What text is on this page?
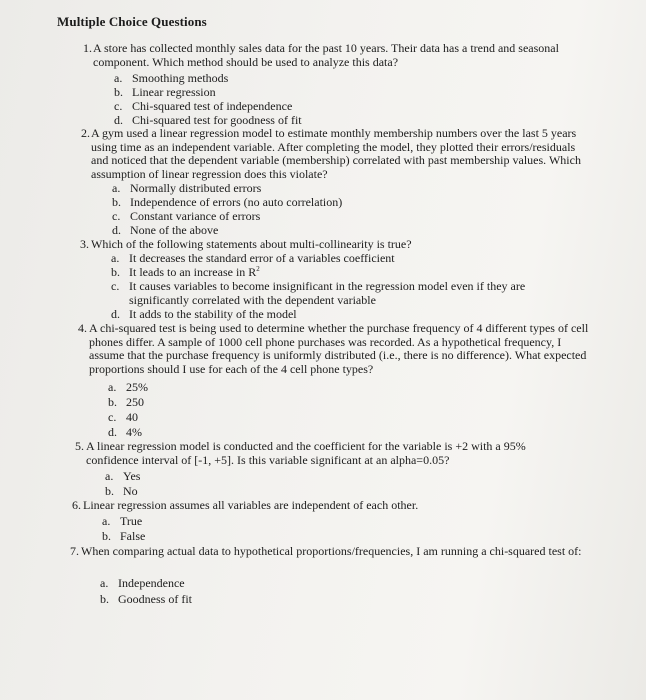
Multiple Choice Questions
1. A store has collected monthly sales data for the past 10 years. Their data has a trend and seasonal component. Which method should be used to analyze this data?
a. Smoothing methods
b. Linear regression
c. Chi-squared test of independence
d. Chi-squared test for goodness of fit
2. A gym used a linear regression model to estimate monthly membership numbers over the last 5 years using time as an independent variable. After completing the model, they plotted their errors/residuals and noticed that the dependent variable (membership) correlated with past membership values. Which assumption of linear regression does this violate?
a. Normally distributed errors
b. Independence of errors (no auto correlation)
c. Constant variance of errors
d. None of the above
3. Which of the following statements about multi-collinearity is true?
a. It decreases the standard error of a variables coefficient
b. It leads to an increase in $R^2$
c. It causes variables to become insignificant in the regression model even if they are significantly correlated with the dependent variable
d. It adds to the stability of the model
4. A chi-squared test is being used to determine whether the purchase frequency of 4 different types of cell phones differ. A sample of 1000 cell phone purchases was recorded. As a hypothetical frequency, I assume that the purchase frequency is uniformly distributed (i.e., there is no difference). What expected proportions should I use for each of the 4 cell phone types?
a. 25%
b. 250
c. 40
d. 4%
5. A linear regression model is conducted and the coefficient for the variable is +2 with a 95% confidence interval of [-1, +5]. Is this variable significant at an alpha=0.05?
a. Yes
b. No
6. Linear regression assumes all variables are independent of each other.
a. True
b. False
7. When comparing actual data to hypothetical proportions/frequencies, I am running a chi-squared test of:
a. Independence
b. Goodness of fit
